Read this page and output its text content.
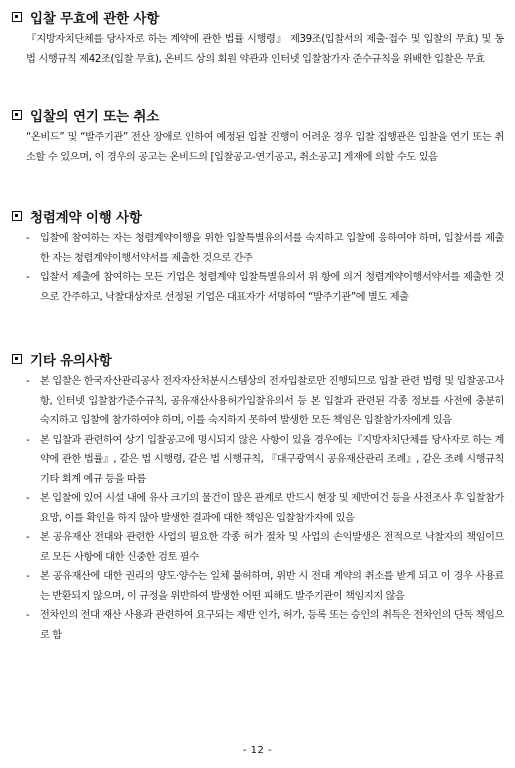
입찰 무효에 관한 사항

『지방자치단체를 당사자로 하는 계약에 관한 법률 시행령』 제39조(입찰서의 제출·접수 및 입찰의 무효) 및 동법 시행규칙 제42조(입찰 무효), 온비드 상의 회원 약관과 인터넷 입찰참가자 준수규칙을 위배한 입찰은 무효

입찰의 연기 또는 취소

“온비드” 및 “발주기관” 전산 장애로 인하여 예정된 입찰 진행이 어려운 경우 입찰 집행관은 입찰을 연기 또는 취소할 수 있으며, 이 경우의 공고는 온비드의 [입찰공고-연기공고, 취소공고] 게재에 의할 수도 있음

청렴계약 이행 사항
-	입찰에 참여하는 자는 청렴계약이행을 위한 입찰특별유의서를 숙지하고 입찰에 응하여야 하며, 입찰서를 제출한 자는 청렴계약이행서약서를 제출한 것으로 간주
-	입찰서 제출에 참여하는 모든 기업은 청렴계약 입찰특별유의서 위 항에 의거 청렴계약이행서약서를 제출한 것으로 간주하고, 낙찰대상자로 선정된 기업은 대표자가 서명하여 “발주기관”에 별도 제출
기타 유의사항
-	본 입찰은 한국자산관리공사 전자자산처분시스템상의 전자입찰로만 진행되므로 입찰 관련 법령 및 입찰공고사항, 인터넷 입찰참가준수규칙, 공유재산사용허가입찰유의서 등 본 입찰과 관련된 각종 정보를 사전에 충분히 숙지하고 입찰에 참가하여야 하며, 이를 숙지하지 못하여 발생한 모든 책임은 입찰참가자에게 있음
-	본 입찰과 관련하여 상기 입찰공고에 명시되지 않은 사항이 있을 경우에는『지방자치단체를 당사자로 하는 계약에 관한 법률』, 같은 법 시행령, 같은 법 시행규칙, 『대구광역시 공유재산관리 조례』, 같은 조례 시행규칙 기타 회계 예규 등을 따름
-	본 입찰에 있어 시설 내에 유사 크기의 물건이 많은 관계로 반드시 현장 및 제반여건 등을 사전조사 후 입찰참가요망, 이를 확인을 하지 않아 발생한 결과에 대한 책임은 입찰참가자에 있음
-	본 공유재산 전대와 관련한 사업의 필요한 각종 허가 절차 및 사업의 손익발생은 전적으로 낙찰자의 책임이므로 모든 사항에 대한 신중한 검토 필수
-	본 공유재산에 대한 권리의 양도·양수는 일체 불허하며, 위반 시 전대 계약의 취소를 받게 되고 이 경우 사용료는 반환되지 않으며, 이 규정을 위반하여 발생한 어떤 피해도 발주기관이 책임지지 않음
-	전차인의 전대 재산 사용과 관련하여 요구되는 제반 인가, 허가, 등록 또는 승인의 취득은 전차인의 단독 책임으로 함
- 12 -
